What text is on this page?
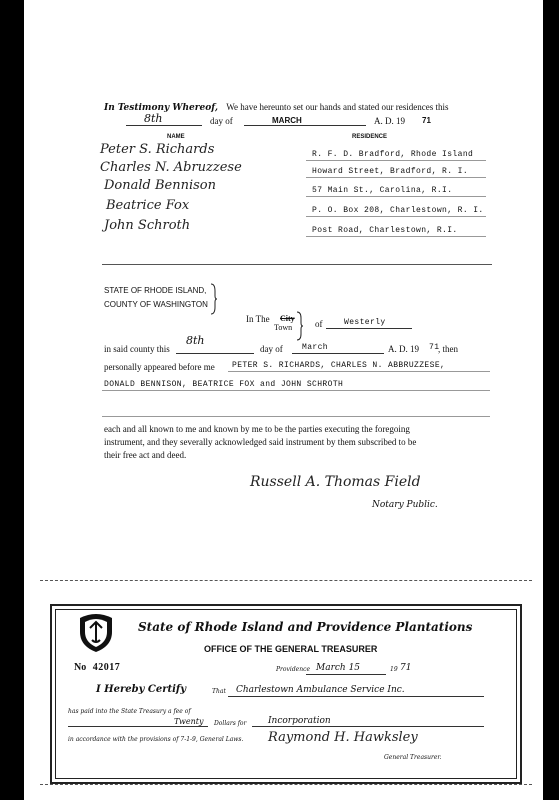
In Testimony Whereof, We have hereunto set our hands and stated our residences this
8th	day of	MARCH	A. D. 19 71
NAME	RESIDENCE
Peter S. Richards	R. F. D. Bradford, Rhode Island
Charles N. Abruzzese	Howard Street, Bradford, R. I.
Donald Bennison	57 Main St., Carolina, R.I.
Beatrice Fox	P. O. Box 208, Charlestown, R. I.
John Schroth	Post Road, Charlestown, R.I.
STATE OF RHODE ISLAND,
COUNTY OF WASHINGTON
In The City
Town	of	Westerly
in said county this
8th
day of March	A. D. 19 71
, then
personally appeared before me PETER S. RICHARDS, CHARLES N. ABBRUZZESE,
DONALD BENNISON, BEATRICE FOX and JOHN SCHROTH
each and all known to me and known by me to be the parties executing the foregoing
instrument, and they severally acknowledged said instrument by them subscribed to be
their free act and deed.
Russell A. Thomas Field
Notary Public.
State of Rhode Island and Providence Plantations
OFFICE OF THE GENERAL TREASURER
No 42017	Providence March 15	19 71
I Hereby Certify	That Charlestown Ambulance Service Inc.
has paid into the State Treasury a fee of
Twenty Dollars for Incorporation
in accordance with the provisions of 7-1-9, General Laws. Raymond H. Hawksley
General Treasurer.
